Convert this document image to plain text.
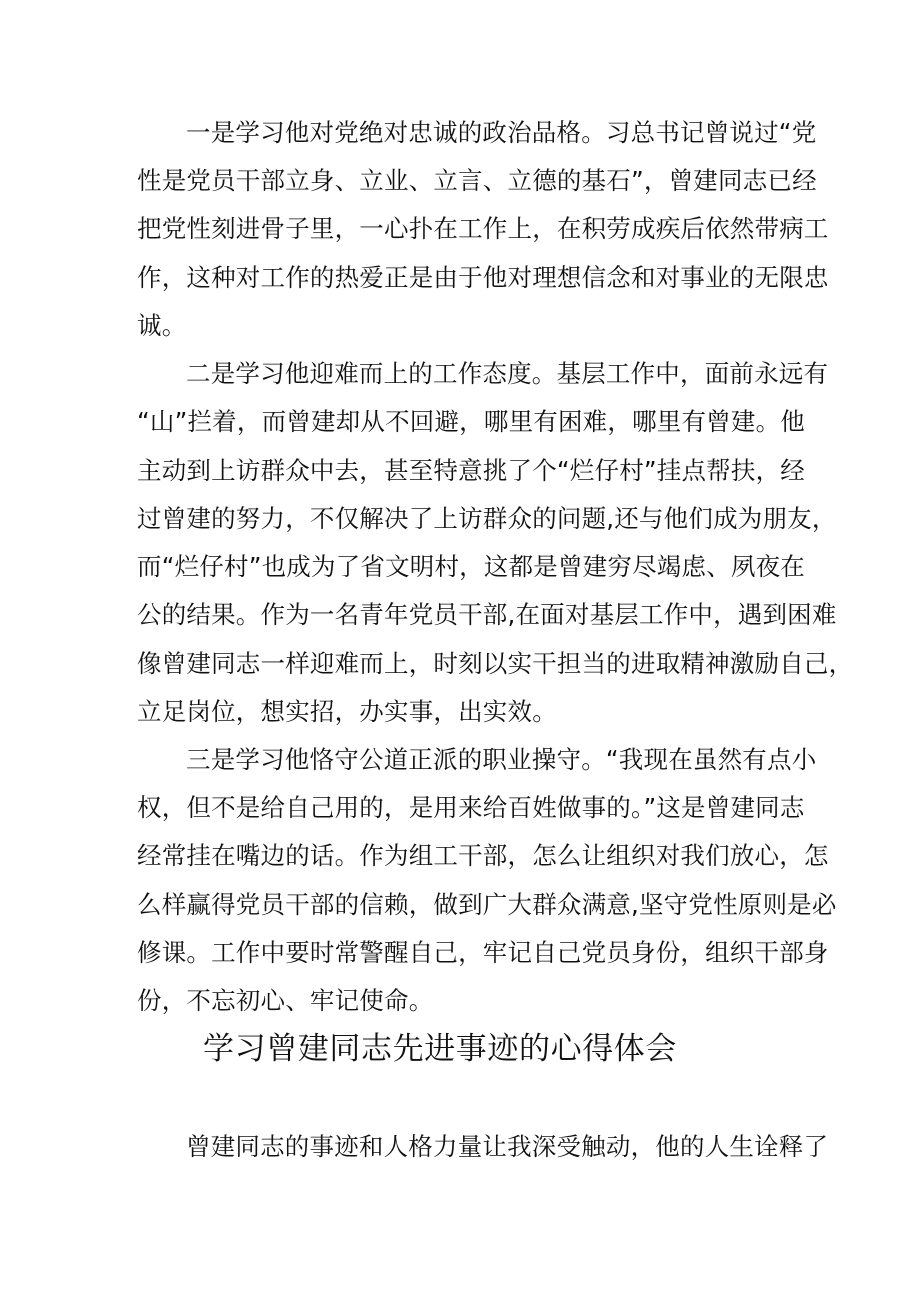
一是学习他对党绝对忠诚的政治品格。习总书记曾说过“党
性是党员干部立身、立业、立言、立德的基石”，曾建同志已经
把党性刻进骨子里，一心扑在工作上，在积劳成疾后依然带病工
作，这种对工作的热爱正是由于他对理想信念和对事业的无限忠
诚。
二是学习他迎难而上的工作态度。基层工作中，面前永远有
“山”拦着，而曾建却从不回避，哪里有困难，哪里有曾建。他
主动到上访群众中去，甚至特意挑了个“烂仔村”挂点帮扶，经
过曾建的努力，不仅解决了上访群众的问题,还与他们成为朋友，
而“烂仔村”也成为了省文明村，这都是曾建穷尽竭虑、夙夜在
公的结果。作为一名青年党员干部,在面对基层工作中，遇到困难
像曾建同志一样迎难而上，时刻以实干担当的进取精神激励自己，
立足岗位，想实招，办实事，出实效。
三是学习他恪守公道正派的职业操守。“我现在虽然有点小
权，但不是给自己用的，是用来给百姓做事的。”这是曾建同志
经常挂在嘴边的话。作为组工干部，怎么让组织对我们放心，怎
么样赢得党员干部的信赖，做到广大群众满意,坚守党性原则是必
修课。工作中要时常警醒自己，牢记自己党员身份，组织干部身
份，不忘初心、牢记使命。
学习曾建同志先进事迹的心得体会
曾建同志的事迹和人格力量让我深受触动，他的人生诠释了
